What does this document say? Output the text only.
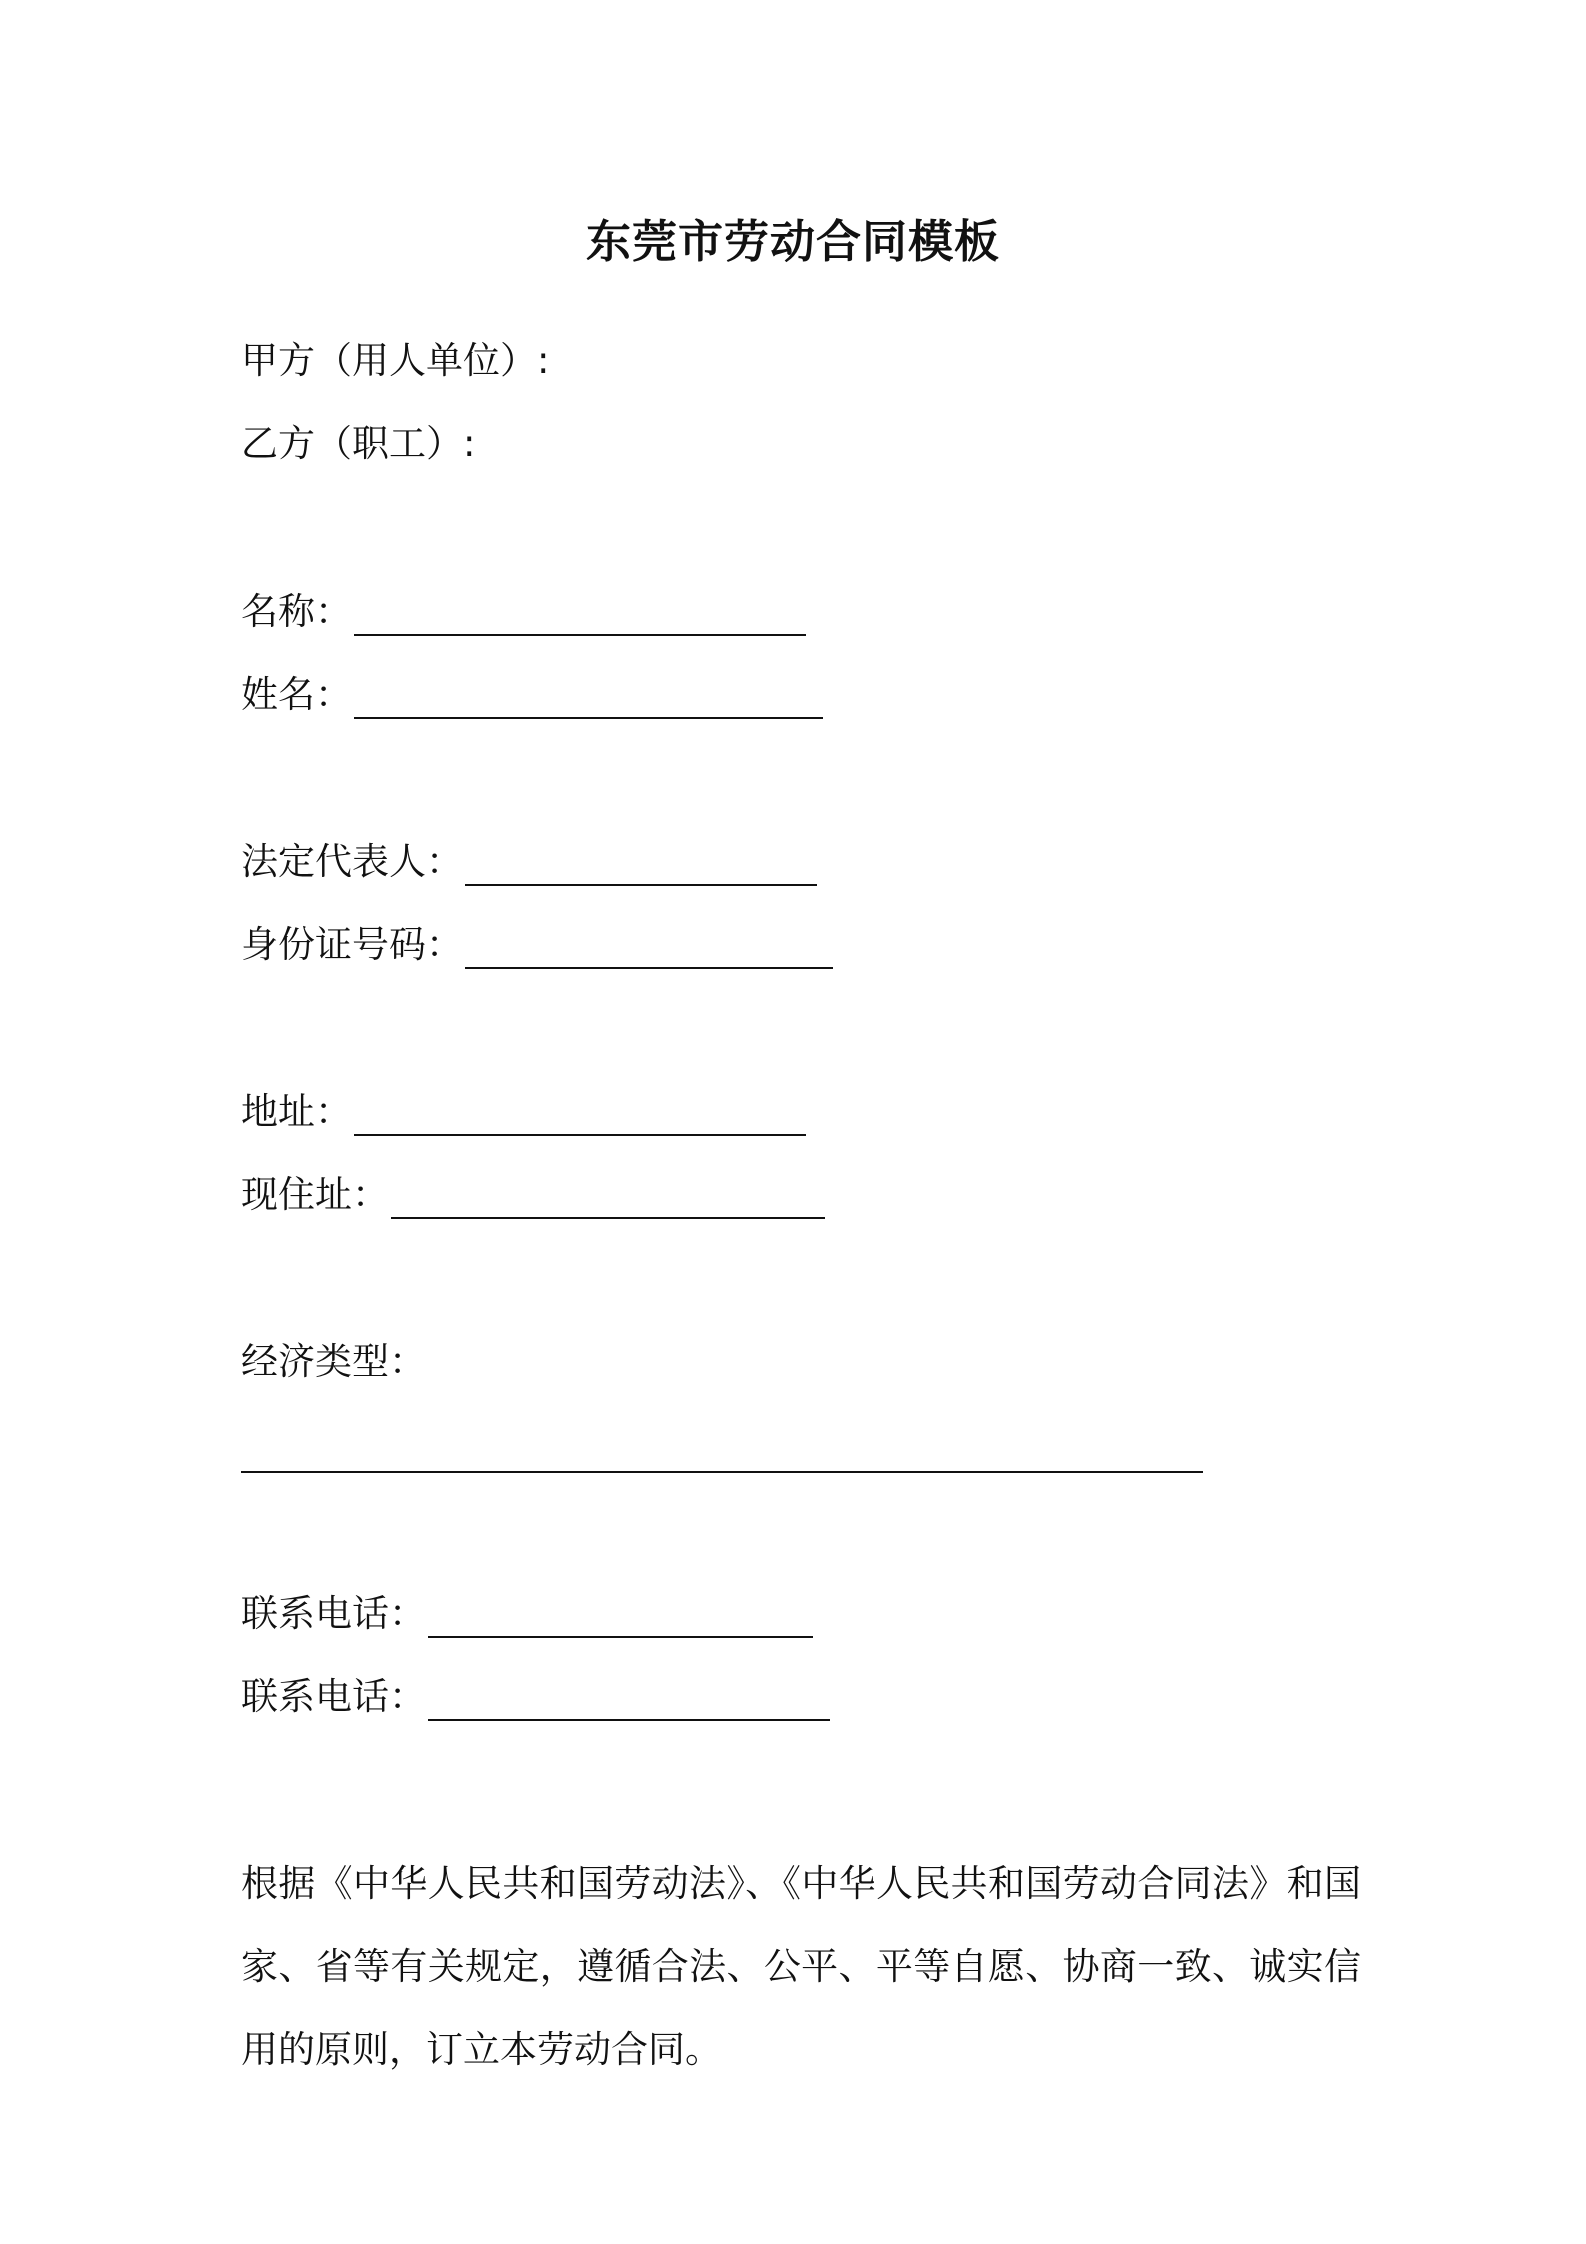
东莞市劳动合同模板
甲方（用人单位）:
乙方（职工）:
名称：
姓名：
法定代表人：
身份证号码：
地址：
现住址：
经济类型：
联系电话：
联系电话：
根据《中华人民共和国劳动法》、《中华人民共和国劳动合同法》和国家、省等有关规定，遵循合法、公平、平等自愿、协商一致、诚实信用的原则，订立本劳动合同。
